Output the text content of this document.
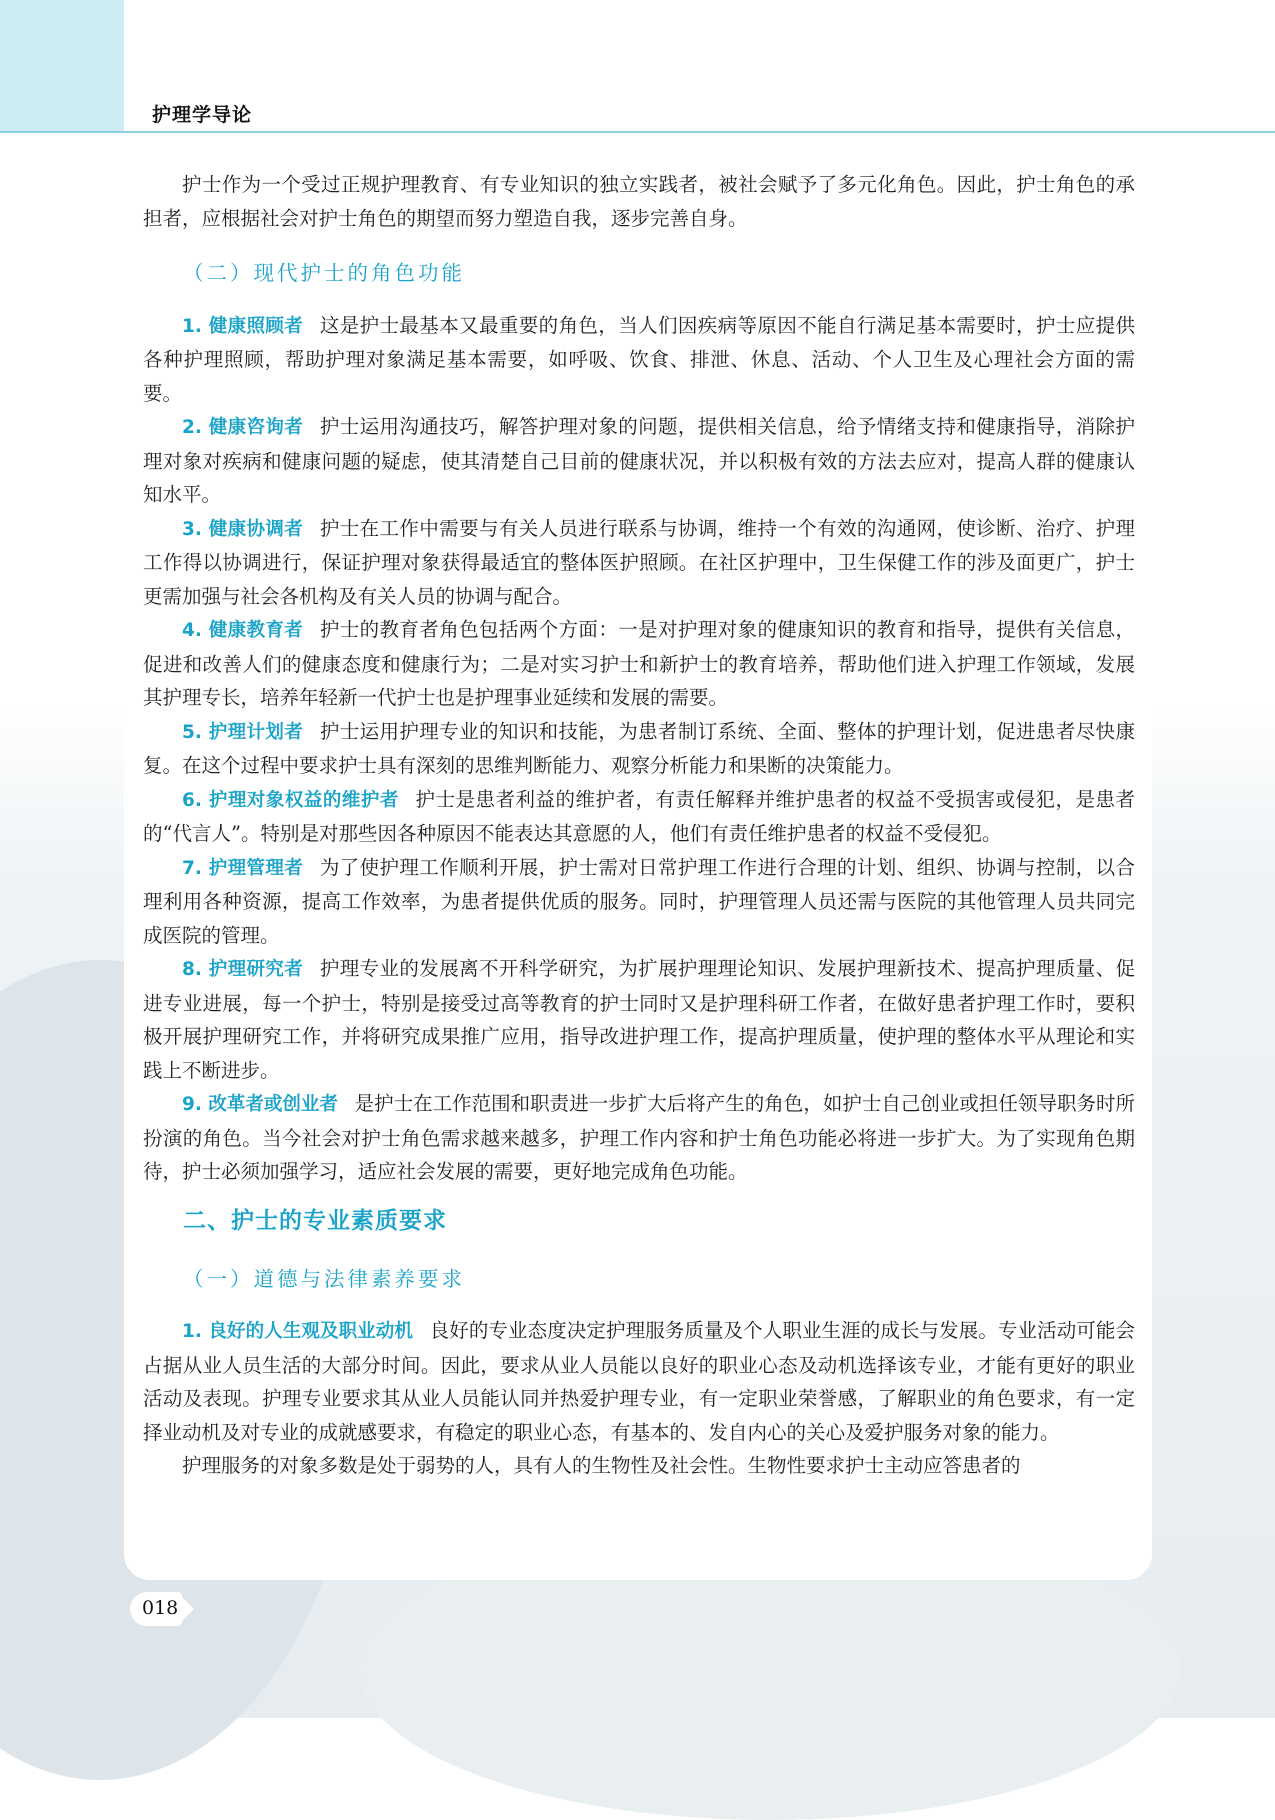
护理学导论

护士作为一个受过正规护理教育、有专业知识的独立实践者，被社会赋予了多元化角色。因此，护士角色的承担者，应根据社会对护士角色的期望而努力塑造自我，逐步完善自身。

（二）现代护士的角色功能

1. 健康照顾者 这是护士最基本又最重要的角色，当人们因疾病等原因不能自行满足基本需要时，护士应提供各种护理照顾，帮助护理对象满足基本需要，如呼吸、饮食、排泄、休息、活动、个人卫生及心理社会方面的需要。

2. 健康咨询者 护士运用沟通技巧，解答护理对象的问题，提供相关信息，给予情绪支持和健康指导，消除护理对象对疾病和健康问题的疑虑，使其清楚自己目前的健康状况，并以积极有效的方法去应对，提高人群的健康认知水平。

3. 健康协调者 护士在工作中需要与有关人员进行联系与协调，维持一个有效的沟通网，使诊断、治疗、护理工作得以协调进行，保证护理对象获得最适宜的整体医护照顾。在社区护理中，卫生保健工作的涉及面更广，护士更需加强与社会各机构及有关人员的协调与配合。

4. 健康教育者 护士的教育者角色包括两个方面：一是对护理对象的健康知识的教育和指导，提供有关信息，促进和改善人们的健康态度和健康行为；二是对实习护士和新护士的教育培养，帮助他们进入护理工作领域，发展其护理专长，培养年轻新一代护士也是护理事业延续和发展的需要。

5. 护理计划者 护士运用护理专业的知识和技能，为患者制订系统、全面、整体的护理计划，促进患者尽快康复。在这个过程中要求护士具有深刻的思维判断能力、观察分析能力和果断的决策能力。

6. 护理对象权益的维护者 护士是患者利益的维护者，有责任解释并维护患者的权益不受损害或侵犯，是患者的“代言人”。特别是对那些因各种原因不能表达其意愿的人，他们有责任维护患者的权益不受侵犯。

7. 护理管理者 为了使护理工作顺利开展，护士需对日常护理工作进行合理的计划、组织、协调与控制，以合理利用各种资源，提高工作效率，为患者提供优质的服务。同时，护理管理人员还需与医院的其他管理人员共同完成医院的管理。

8. 护理研究者 护理专业的发展离不开科学研究，为扩展护理理论知识、发展护理新技术、提高护理质量、促进专业进展，每一个护士，特别是接受过高等教育的护士同时又是护理科研工作者，在做好患者护理工作时，要积极开展护理研究工作，并将研究成果推广应用，指导改进护理工作，提高护理质量，使护理的整体水平从理论和实践上不断进步。

9. 改革者或创业者 是护士在工作范围和职责进一步扩大后将产生的角色，如护士自己创业或担任领导职务时所扮演的角色。当今社会对护士角色需求越来越多，护理工作内容和护士角色功能必将进一步扩大。为了实现角色期待，护士必须加强学习，适应社会发展的需要，更好地完成角色功能。

二、护士的专业素质要求

（一）道德与法律素养要求

1. 良好的人生观及职业动机 良好的专业态度决定护理服务质量及个人职业生涯的成长与发展。专业活动可能会占据从业人员生活的大部分时间。因此，要求从业人员能以良好的职业心态及动机选择该专业，才能有更好的职业活动及表现。护理专业要求其从业人员能认同并热爱护理专业，有一定职业荣誉感，了解职业的角色要求，有一定择业动机及对专业的成就感要求，有稳定的职业心态，有基本的、发自内心的关心及爱护服务对象的能力。

护理服务的对象多数是处于弱势的人，具有人的生物性及社会性。生物性要求护士主动应答患者的

018
